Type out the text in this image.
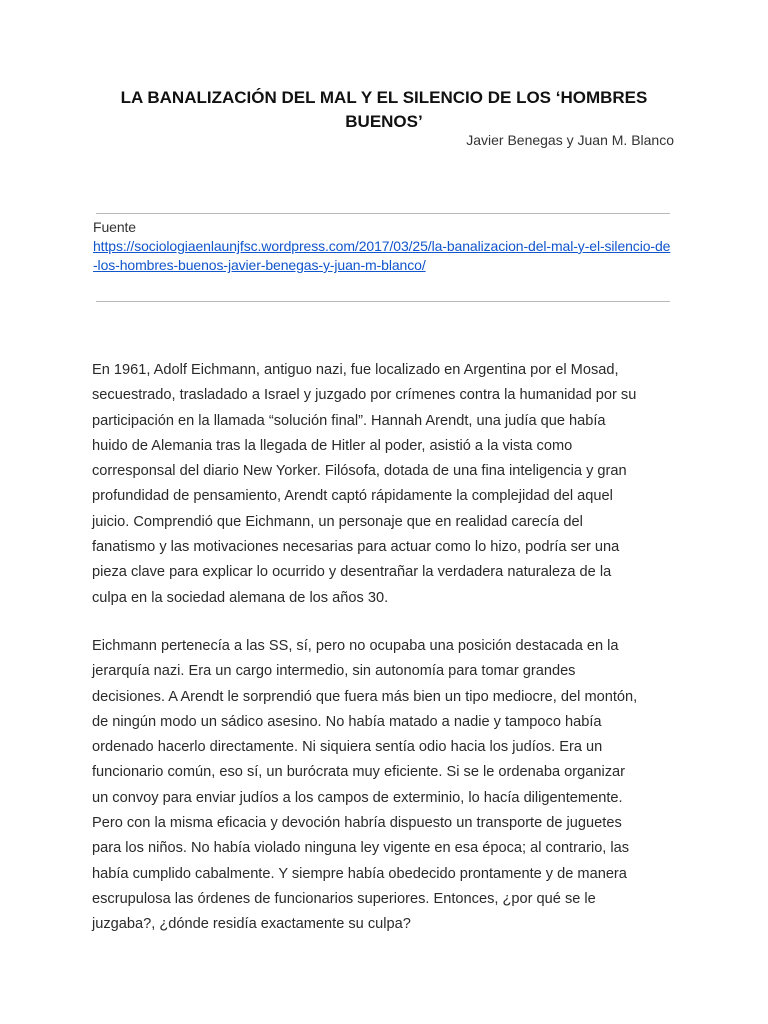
LA BANALIZACIÓN DEL MAL Y EL SILENCIO DE LOS ‘HOMBRES BUENOS’
Javier Benegas y Juan M. Blanco
Fuente
https://sociologiaenlaunjfsc.wordpress.com/2017/03/25/la-banalizacion-del-mal-y-el-silencio-de-los-hombres-buenos-javier-benegas-y-juan-m-blanco/

En 1961, Adolf Eichmann, antiguo nazi, fue localizado en Argentina por el Mosad,
secuestrado, trasladado a Israel y juzgado por crímenes contra la humanidad por su
participación en la llamada “solución final”. Hannah Arendt, una judía que había
huido de Alemania tras la llegada de Hitler al poder, asistió a la vista como
corresponsal del diario New Yorker. Filósofa, dotada de una fina inteligencia y gran
profundidad de pensamiento, Arendt captó rápidamente la complejidad del aquel
juicio. Comprendió que Eichmann, un personaje que en realidad carecía del
fanatismo y las motivaciones necesarias para actuar como lo hizo, podría ser una
pieza clave para explicar lo ocurrido y desentrañar la verdadera naturaleza de la
culpa en la sociedad alemana de los años 30.

Eichmann pertenecía a las SS, sí, pero no ocupaba una posición destacada en la
jerarquía nazi. Era un cargo intermedio, sin autonomía para tomar grandes
decisiones. A Arendt le sorprendió que fuera más bien un tipo mediocre, del montón,
de ningún modo un sádico asesino. No había matado a nadie y tampoco había
ordenado hacerlo directamente. Ni siquiera sentía odio hacia los judíos. Era un
funcionario común, eso sí, un burócrata muy eficiente. Si se le ordenaba organizar
un convoy para enviar judíos a los campos de exterminio, lo hacía diligentemente.
Pero con la misma eficacia y devoción habría dispuesto un transporte de juguetes
para los niños. No había violado ninguna ley vigente en esa época; al contrario, las
había cumplido cabalmente. Y siempre había obedecido prontamente y de manera
escrupulosa las órdenes de funcionarios superiores. Entonces, ¿por qué se le
juzgaba?, ¿dónde residía exactamente su culpa?
